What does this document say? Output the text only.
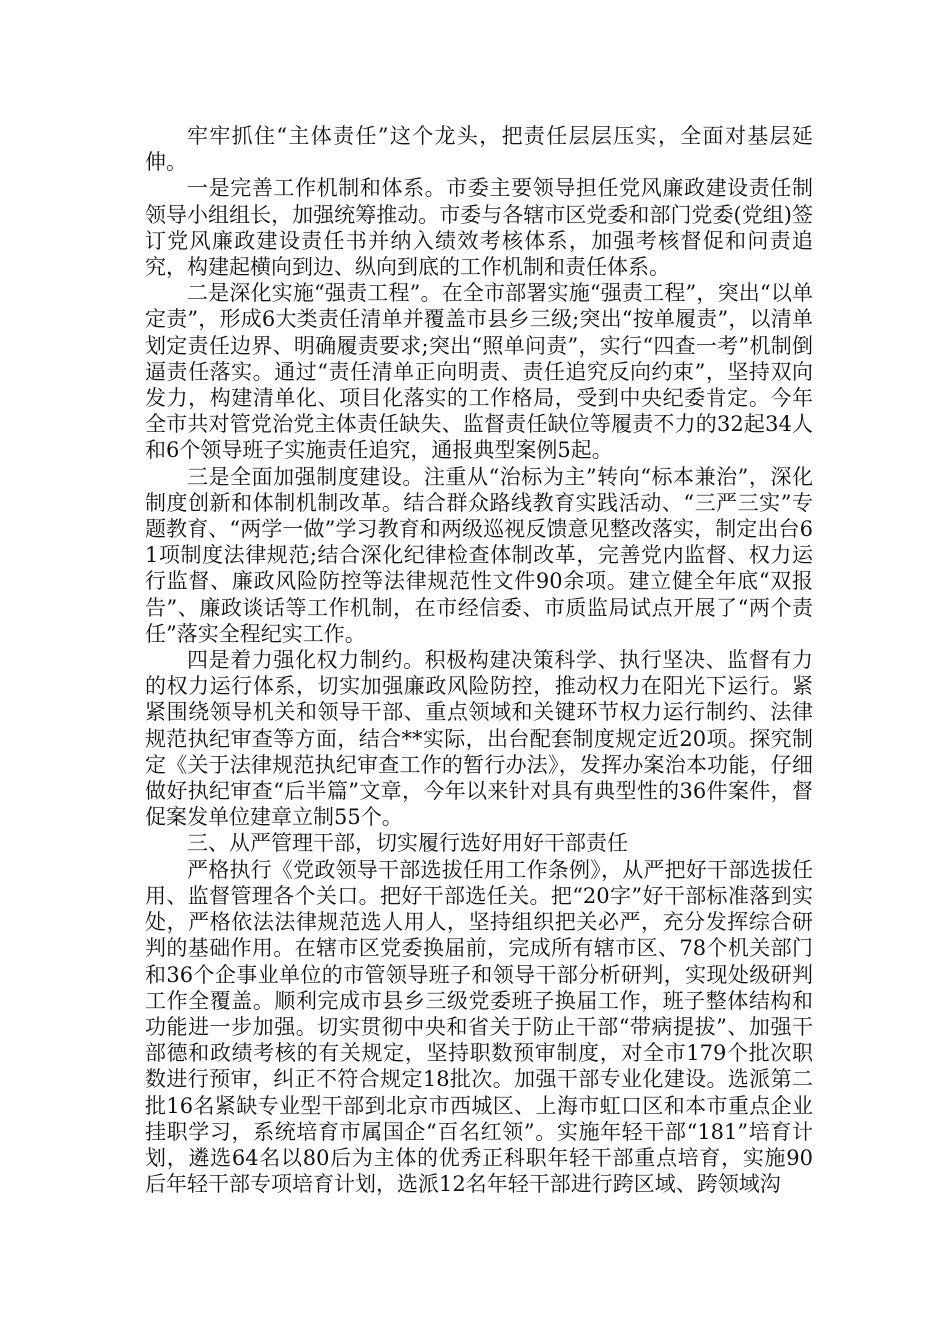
牢牢抓住“主体责任”这个龙头，把责任层层压实，全面对基层延伸。

一是完善工作机制和体系。市委主要领导担任党风廉政建设责任制领导小组组长，加强统筹推动。市委与各辖市区党委和部门党委(党组)签订党风廉政建设责任书并纳入绩效考核体系，加强考核督促和问责追究，构建起横向到边、纵向到底的工作机制和责任体系。

二是深化实施“强责工程”。在全市部署实施“强责工程”，突出“以单定责”，形成6大类责任清单并覆盖市县乡三级;突出“按单履责”，以清单划定责任边界、明确履责要求;突出“照单问责”，实行“四查一考”机制倒逼责任落实。通过“责任清单正向明责、责任追究反向约束”，坚持双向发力，构建清单化、项目化落实的工作格局，受到中央纪委肯定。今年全市共对管党治党主体责任缺失、监督责任缺位等履责不力的32起34人和6个领导班子实施责任追究，通报典型案例5起。

三是全面加强制度建设。注重从“治标为主”转向“标本兼治”，深化制度创新和体制机制改革。结合群众路线教育实践活动、“三严三实”专题教育、“两学一做”学习教育和两级巡视反馈意见整改落实，制定出台61项制度法律规范;结合深化纪律检查体制改革，完善党内监督、权力运行监督、廉政风险防控等法律规范性文件90余项。建立健全年底“双报告”、廉政谈话等工作机制，在市经信委、市质监局试点开展了“两个责任”落实全程纪实工作。

四是着力强化权力制约。积极构建决策科学、执行坚决、监督有力的权力运行体系，切实加强廉政风险防控，推动权力在阳光下运行。紧紧围绕领导机关和领导干部、重点领域和关键环节权力运行制约、法律规范执纪审查等方面，结合**实际，出台配套制度规定近20项。探究制定《关于法律规范执纪审查工作的暂行办法》，发挥办案治本功能，仔细做好执纪审查“后半篇”文章，今年以来针对具有典型性的36件案件，督促案发单位建章立制55个。

三、从严管理干部，切实履行选好用好干部责任

严格执行《党政领导干部选拔任用工作条例》，从严把好干部选拔任用、监督管理各个关口。把好干部选任关。把“20字”好干部标准落到实处，严格依法法律规范选人用人，坚持组织把关必严，充分发挥综合研判的基础作用。在辖市区党委换届前，完成所有辖市区、78个机关部门和36个企事业单位的市管领导班子和领导干部分析研判，实现处级研判工作全覆盖。顺利完成市县乡三级党委班子换届工作，班子整体结构和功能进一步加强。切实贯彻中央和省关于防止干部“带病提拔”、加强干部德和政绩考核的有关规定，坚持职数预审制度，对全市179个批次职数进行预审，纠正不符合规定18批次。加强干部专业化建设。选派第二批16名紧缺专业型干部到北京市西城区、上海市虹口区和本市重点企业挂职学习，系统培育市属国企“百名红领”。实施年轻干部“181”培育计划，遴选64名以80后为主体的优秀正科职年轻干部重点培育，实施90后年轻干部专项培育计划，选派12名年轻干部进行跨区域、跨领域沟
